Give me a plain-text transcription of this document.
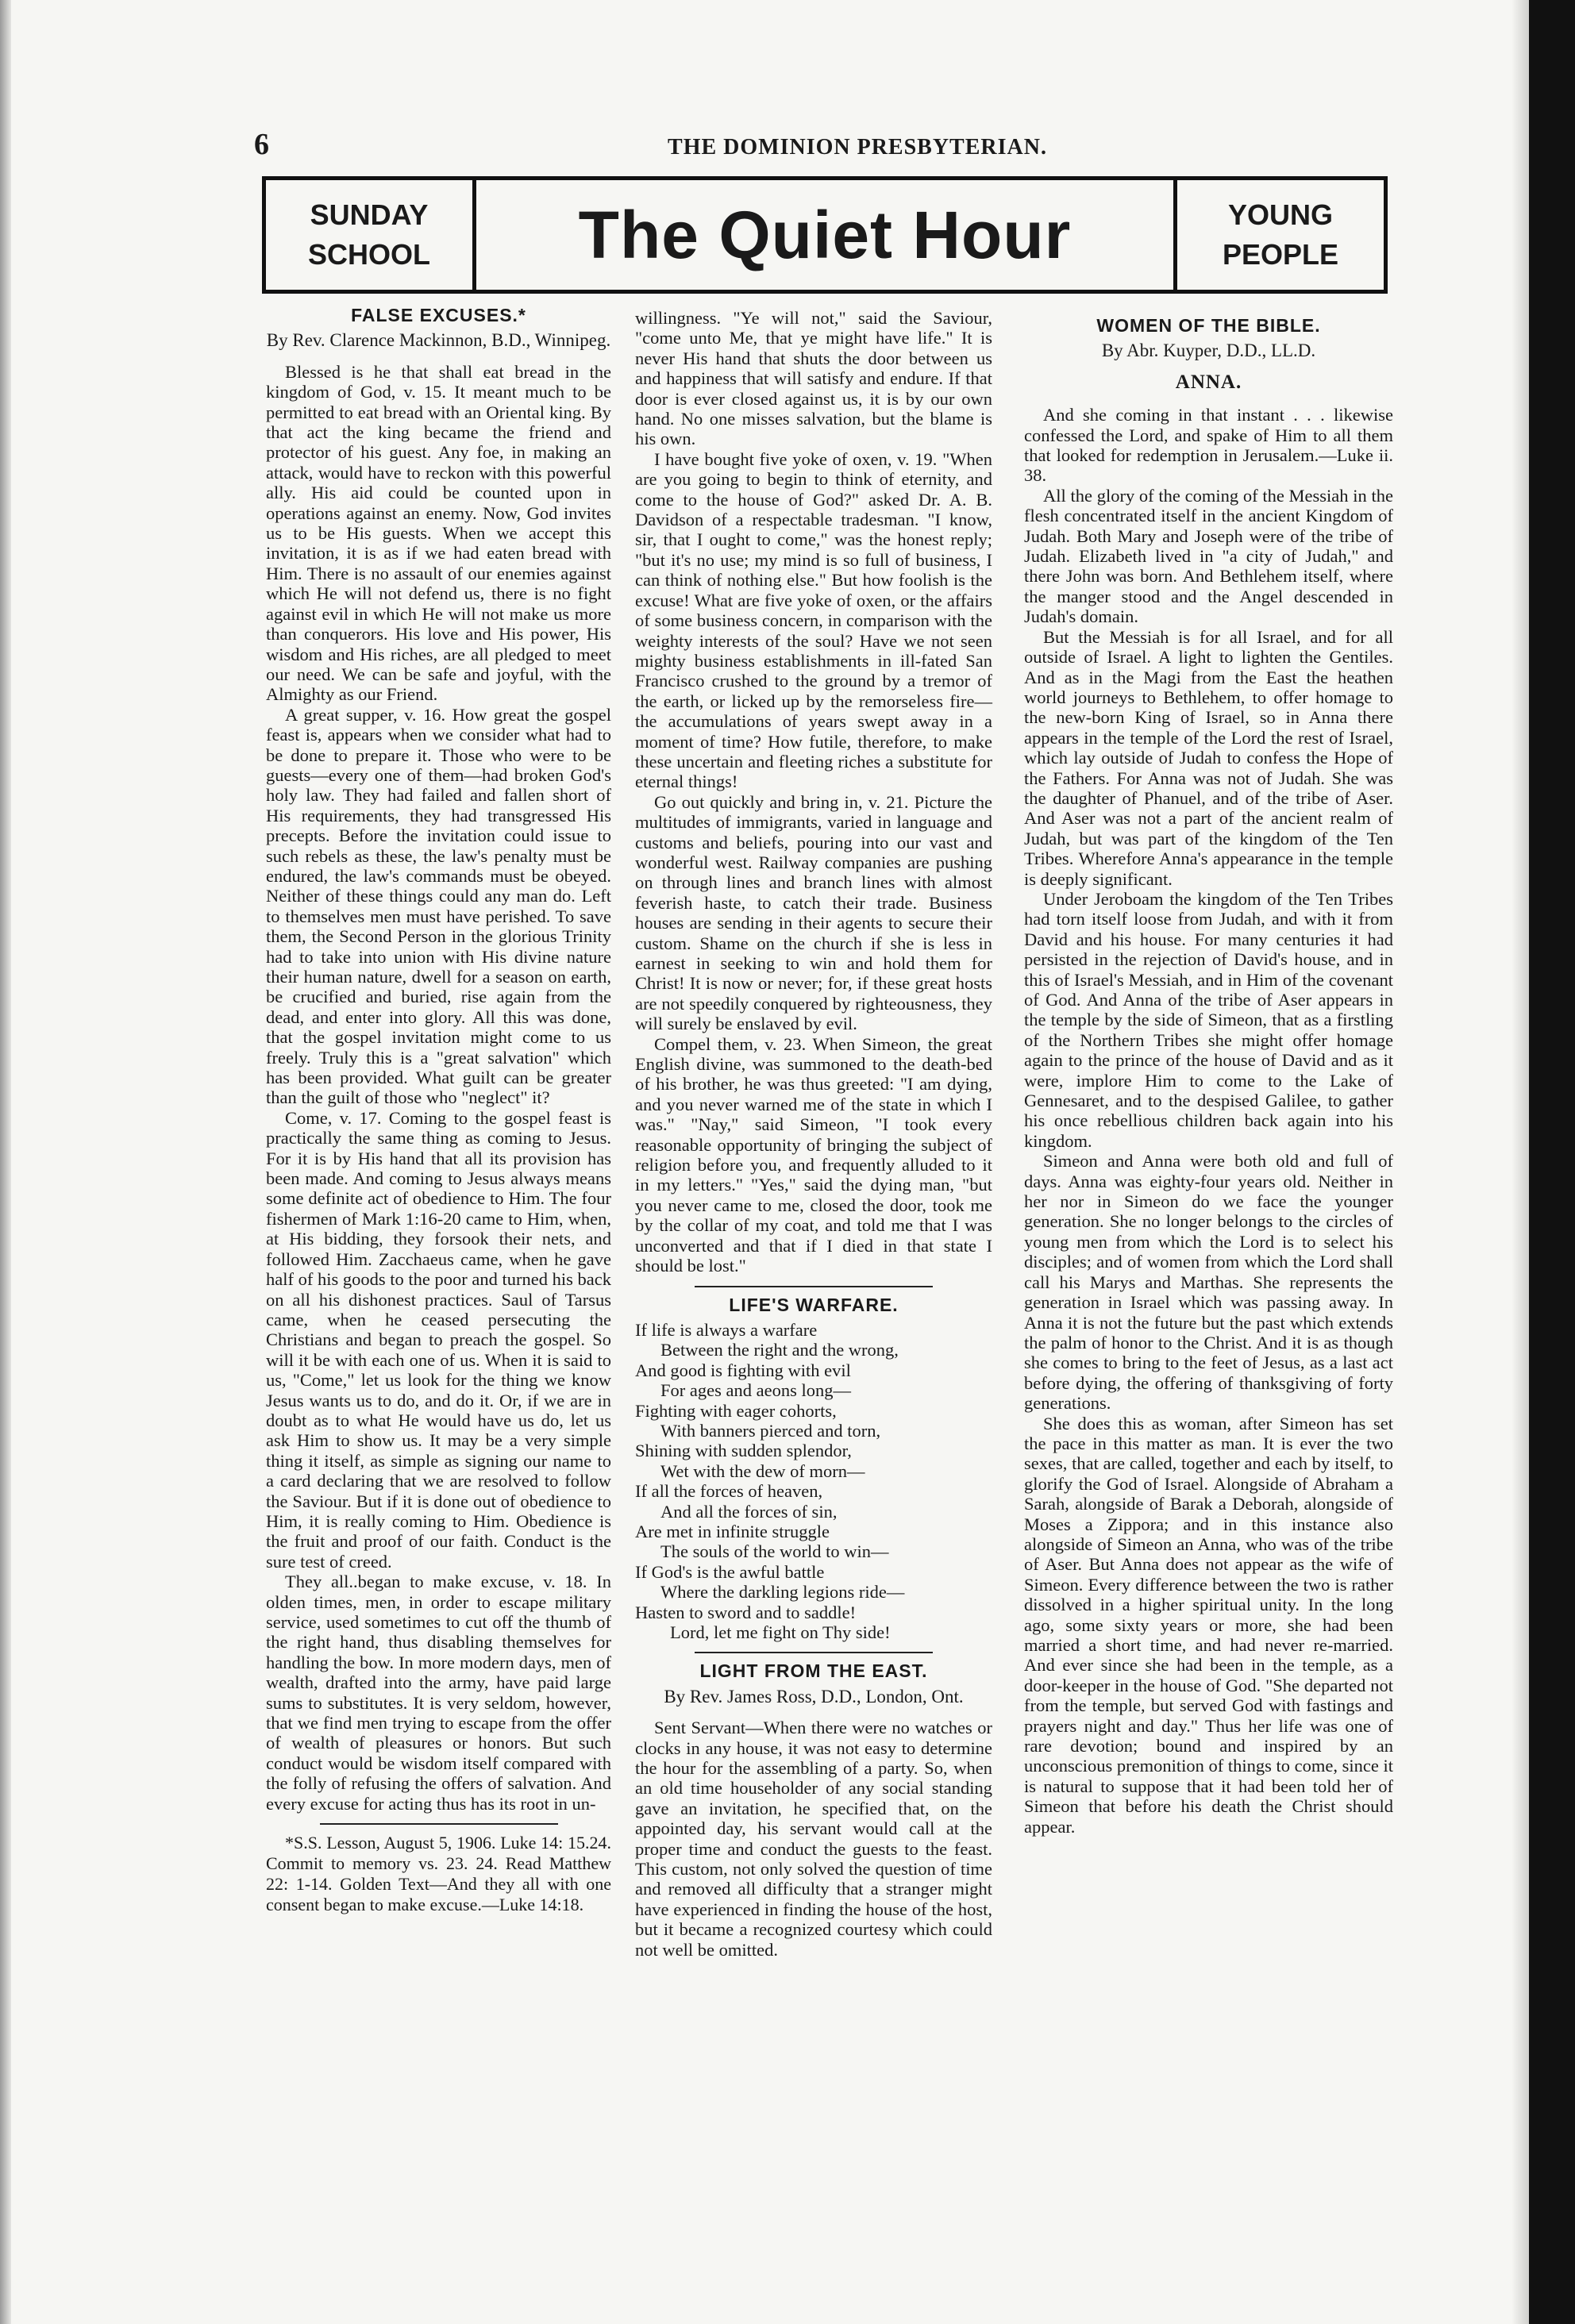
6	THE DOMINION PRESBYTERIAN.
SUNDAY
SCHOOL	The Quiet Hour	YOUNG
PEOPLE
FALSE EXCUSES.*
By Rev. Clarence Mackinnon, B.D., Winnipeg.

Blessed is he that shall eat bread in the kingdom of God, v. 15. It meant much to be permitted to eat bread with an Oriental king. By that act the king became the friend and protector of his guest. Any foe, in making an attack, would have to reckon with this powerful ally. His aid could be counted upon in operations against an enemy. Now, God invites us to be His guests. When we accept this invitation, it is as if we had eaten bread with Him. There is no assault of our enemies against which He will not defend us, there is no fight against evil in which He will not make us more than conquerors. His love and His power, His wisdom and His riches, are all pledged to meet our need. We can be safe and joyful, with the Almighty as our Friend.

A great supper, v. 16. How great the gospel feast is, appears when we consider what had to be done to prepare it. Those who were to be guests—every one of them—had broken God's holy law. They had failed and fallen short of His requirements, they had transgressed His precepts. Before the invitation could issue to such rebels as these, the law's penalty must be endured, the law's commands must be obeyed. Neither of these things could any man do. Left to themselves men must have perished. To save them, the Second Person in the glorious Trinity had to take into union with His divine nature their human nature, dwell for a season on earth, be crucified and buried, rise again from the dead, and enter into glory. All this was done, that the gospel invitation might come to us freely. Truly this is a "great salvation" which has been provided. What guilt can be greater than the guilt of those who "neglect" it?

Come, v. 17. Coming to the gospel feast is practically the same thing as coming to Jesus. For it is by His hand that all its provision has been made. And coming to Jesus always means some definite act of obedience to Him. The four fishermen of Mark 1:16-20 came to Him, when, at His bidding, they forsook their nets, and followed Him. Zacchaeus came, when he gave half of his goods to the poor and turned his back on all his dishonest practices. Saul of Tarsus came, when he ceased persecuting the Christians and began to preach the gospel. So will it be with each one of us. When it is said to us, "Come," let us look for the thing we know Jesus wants us to do, and do it. Or, if we are in doubt as to what He would have us do, let us ask Him to show us. It may be a very simple thing it itself, as simple as signing our name to a card declaring that we are resolved to follow the Saviour. But if it is done out of obedience to Him, it is really coming to Him. Obedience is the fruit and proof of our faith. Conduct is the sure test of creed.

They all..began to make excuse, v. 18. In olden times, men, in order to escape military service, used sometimes to cut off the thumb of the right hand, thus disabling themselves for handling the bow. In more modern days, men of wealth, drafted into the army, have paid large sums to substitutes. It is very seldom, however, that we find men trying to escape from the offer of wealth of pleasures or honors. But such conduct would be wisdom itself compared with the folly of refusing the offers of salvation. And every excuse for acting thus has its root in un-

*S.S. Lesson, August 5, 1906. Luke 14: 15.24. Commit to memory vs. 23. 24. Read Matthew 22: 1-14. Golden Text—And they all with one consent began to make excuse.—Luke 14:18.

willingness. "Ye will not," said the Saviour, "come unto Me, that ye might have life." It is never His hand that shuts the door between us and happiness that will satisfy and endure. If that door is ever closed against us, it is by our own hand. No one misses salvation, but the blame is his own.

I have bought five yoke of oxen, v. 19. "When are you going to begin to think of eternity, and come to the house of God?" asked Dr. A. B. Davidson of a respectable tradesman. "I know, sir, that I ought to come," was the honest reply; "but it's no use; my mind is so full of business, I can think of nothing else." But how foolish is the excuse! What are five yoke of oxen, or the affairs of some business concern, in comparison with the weighty interests of the soul? Have we not seen mighty business establishments in ill-fated San Francisco crushed to the ground by a tremor of the earth, or licked up by the remorseless fire—the accumulations of years swept away in a moment of time? How futile, therefore, to make these uncertain and fleeting riches a substitute for eternal things!

Go out quickly and bring in, v. 21. Picture the multitudes of immigrants, varied in language and customs and beliefs, pouring into our vast and wonderful west. Railway companies are pushing on through lines and branch lines with almost feverish haste, to catch their trade. Business houses are sending in their agents to secure their custom. Shame on the church if she is less in earnest in seeking to win and hold them for Christ! It is now or never; for, if these great hosts are not speedily conquered by righteousness, they will surely be enslaved by evil.

Compel them, v. 23. When Simeon, the great English divine, was summoned to the death-bed of his brother, he was thus greeted: "I am dying, and you never warned me of the state in which I was." "Nay," said Simeon, "I took every reasonable opportunity of bringing the subject of religion before you, and frequently alluded to it in my letters." "Yes," said the dying man, "but you never came to me, closed the door, took me by the collar of my coat, and told me that I was unconverted and that if I died in that state I should be lost."

LIFE'S WARFARE.
If life is always a warfare
Between the right and the wrong,
And good is fighting with evil
For ages and aeons long—
Fighting with eager cohorts,
With banners pierced and torn,
Shining with sudden splendor,
Wet with the dew of morn—
If all the forces of heaven,
And all the forces of sin,
Are met in infinite struggle
The souls of the world to win—
If God's is the awful battle
Where the darkling legions ride—
Hasten to sword and to saddle!
Lord, let me fight on Thy side!
LIGHT FROM THE EAST.
By Rev. James Ross, D.D., London, Ont.

Sent Servant—When there were no watches or clocks in any house, it was not easy to determine the hour for the assembling of a party. So, when an old time householder of any social standing gave an invitation, he specified that, on the appointed day, his servant would call at the proper time and conduct the guests to the feast. This custom, not only solved the question of time and removed all difficulty that a stranger might have experienced in finding the house of the host, but it became a recognized courtesy which could not well be omitted.

WOMEN OF THE BIBLE.
By Abr. Kuyper, D.D., LL.D.
ANNA.

And she coming in that instant . . . likewise confessed the Lord, and spake of Him to all them that looked for redemption in Jerusalem.—Luke ii. 38.

All the glory of the coming of the Messiah in the flesh concentrated itself in the ancient Kingdom of Judah. Both Mary and Joseph were of the tribe of Judah. Elizabeth lived in "a city of Judah," and there John was born. And Bethlehem itself, where the manger stood and the Angel descended in Judah's domain.

But the Messiah is for all Israel, and for all outside of Israel. A light to lighten the Gentiles. And as in the Magi from the East the heathen world journeys to Bethlehem, to offer homage to the new-born King of Israel, so in Anna there appears in the temple of the Lord the rest of Israel, which lay outside of Judah to confess the Hope of the Fathers. For Anna was not of Judah. She was the daughter of Phanuel, and of the tribe of Aser. And Aser was not a part of the ancient realm of Judah, but was part of the kingdom of the Ten Tribes. Wherefore Anna's appearance in the temple is deeply significant.

Under Jeroboam the kingdom of the Ten Tribes had torn itself loose from Judah, and with it from David and his house. For many centuries it had persisted in the rejection of David's house, and in this of Israel's Messiah, and in Him of the covenant of God. And Anna of the tribe of Aser appears in the temple by the side of Simeon, that as a firstling of the Northern Tribes she might offer homage again to the prince of the house of David and as it were, implore Him to come to the Lake of Gennesaret, and to the despised Galilee, to gather his once rebellious children back again into his kingdom.

Simeon and Anna were both old and full of days. Anna was eighty-four years old. Neither in her nor in Simeon do we face the younger generation. She no longer belongs to the circles of young men from which the Lord is to select his disciples; and of women from which the Lord shall call his Marys and Marthas. She represents the generation in Israel which was passing away. In Anna it is not the future but the past which extends the palm of honor to the Christ. And it is as though she comes to bring to the feet of Jesus, as a last act before dying, the offering of thanksgiving of forty generations.

She does this as woman, after Simeon has set the pace in this matter as man. It is ever the two sexes, that are called, together and each by itself, to glorify the God of Israel. Alongside of Abraham a Sarah, alongside of Barak a Deborah, alongside of Moses a Zippora; and in this instance also alongside of Simeon an Anna, who was of the tribe of Aser. But Anna does not appear as the wife of Simeon. Every difference between the two is rather dissolved in a higher spiritual unity. In the long ago, some sixty years or more, she had been married a short time, and had never re-married. And ever since she had been in the temple, as a door-keeper in the house of God. "She departed not from the temple, but served God with fastings and prayers night and day." Thus her life was one of rare devotion; bound and inspired by an unconscious premonition of things to come, since it is natural to suppose that it had been told her of Simeon that before his death the Christ should appear.
